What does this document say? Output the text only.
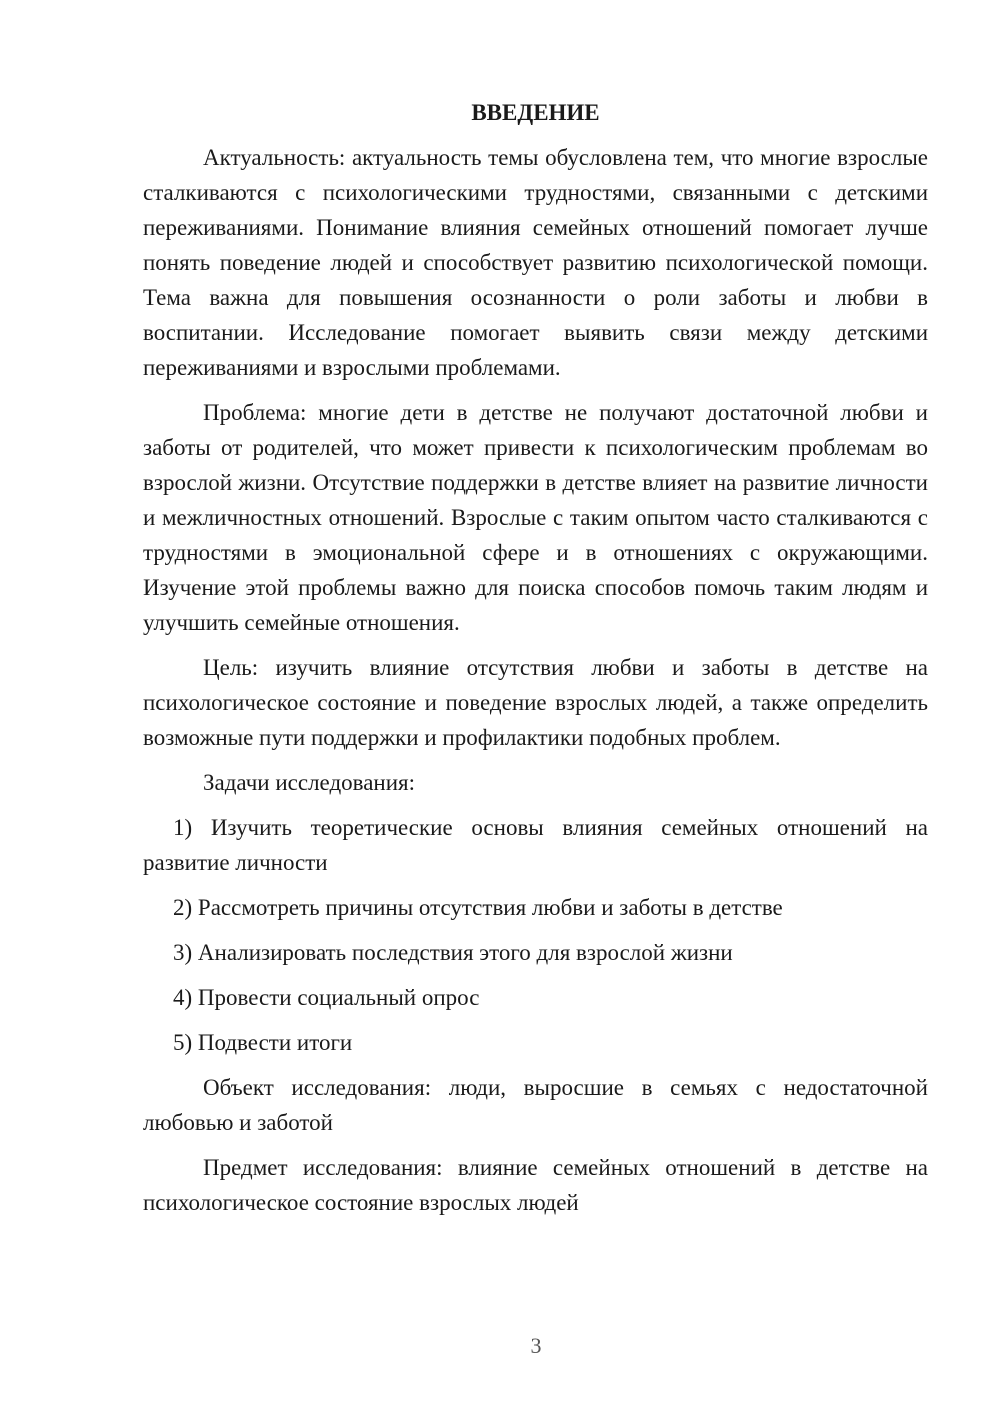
ВВЕДЕНИЕ

Актуальность: актуальность темы обусловлена тем, что многие взрослые сталкиваются с психологическими трудностями, связанными с детскими переживаниями. Понимание влияния семейных отношений помогает лучше понять поведение людей и способствует развитию психологической помощи. Тема важна для повышения осознанности о роли заботы и любви в воспитании. Исследование помогает выявить связи между детскими переживаниями и взрослыми проблемами.

Проблема: многие дети в детстве не получают достаточной любви и заботы от родителей, что может привести к психологическим проблемам во взрослой жизни. Отсутствие поддержки в детстве влияет на развитие личности и межличностных отношений. Взрослые с таким опытом часто сталкиваются с трудностями в эмоциональной сфере и в отношениях с окружающими. Изучение этой проблемы важно для поиска способов помочь таким людям и улучшить семейные отношения.

Цель: изучить влияние отсутствия любви и заботы в детстве на психологическое состояние и поведение взрослых людей, а также определить возможные пути поддержки и профилактики подобных проблем.

Задачи исследования:

1) Изучить теоретические основы влияния семейных отношений на развитие личности

2) Рассмотреть причины отсутствия любви и заботы в детстве

3) Анализировать последствия этого для взрослой жизни

4) Провести социальный опрос

5) Подвести итоги

Объект исследования: люди, выросшие в семьях с недостаточной любовью и заботой

Предмет исследования: влияние семейных отношений в детстве на психологическое состояние взрослых людей

3
